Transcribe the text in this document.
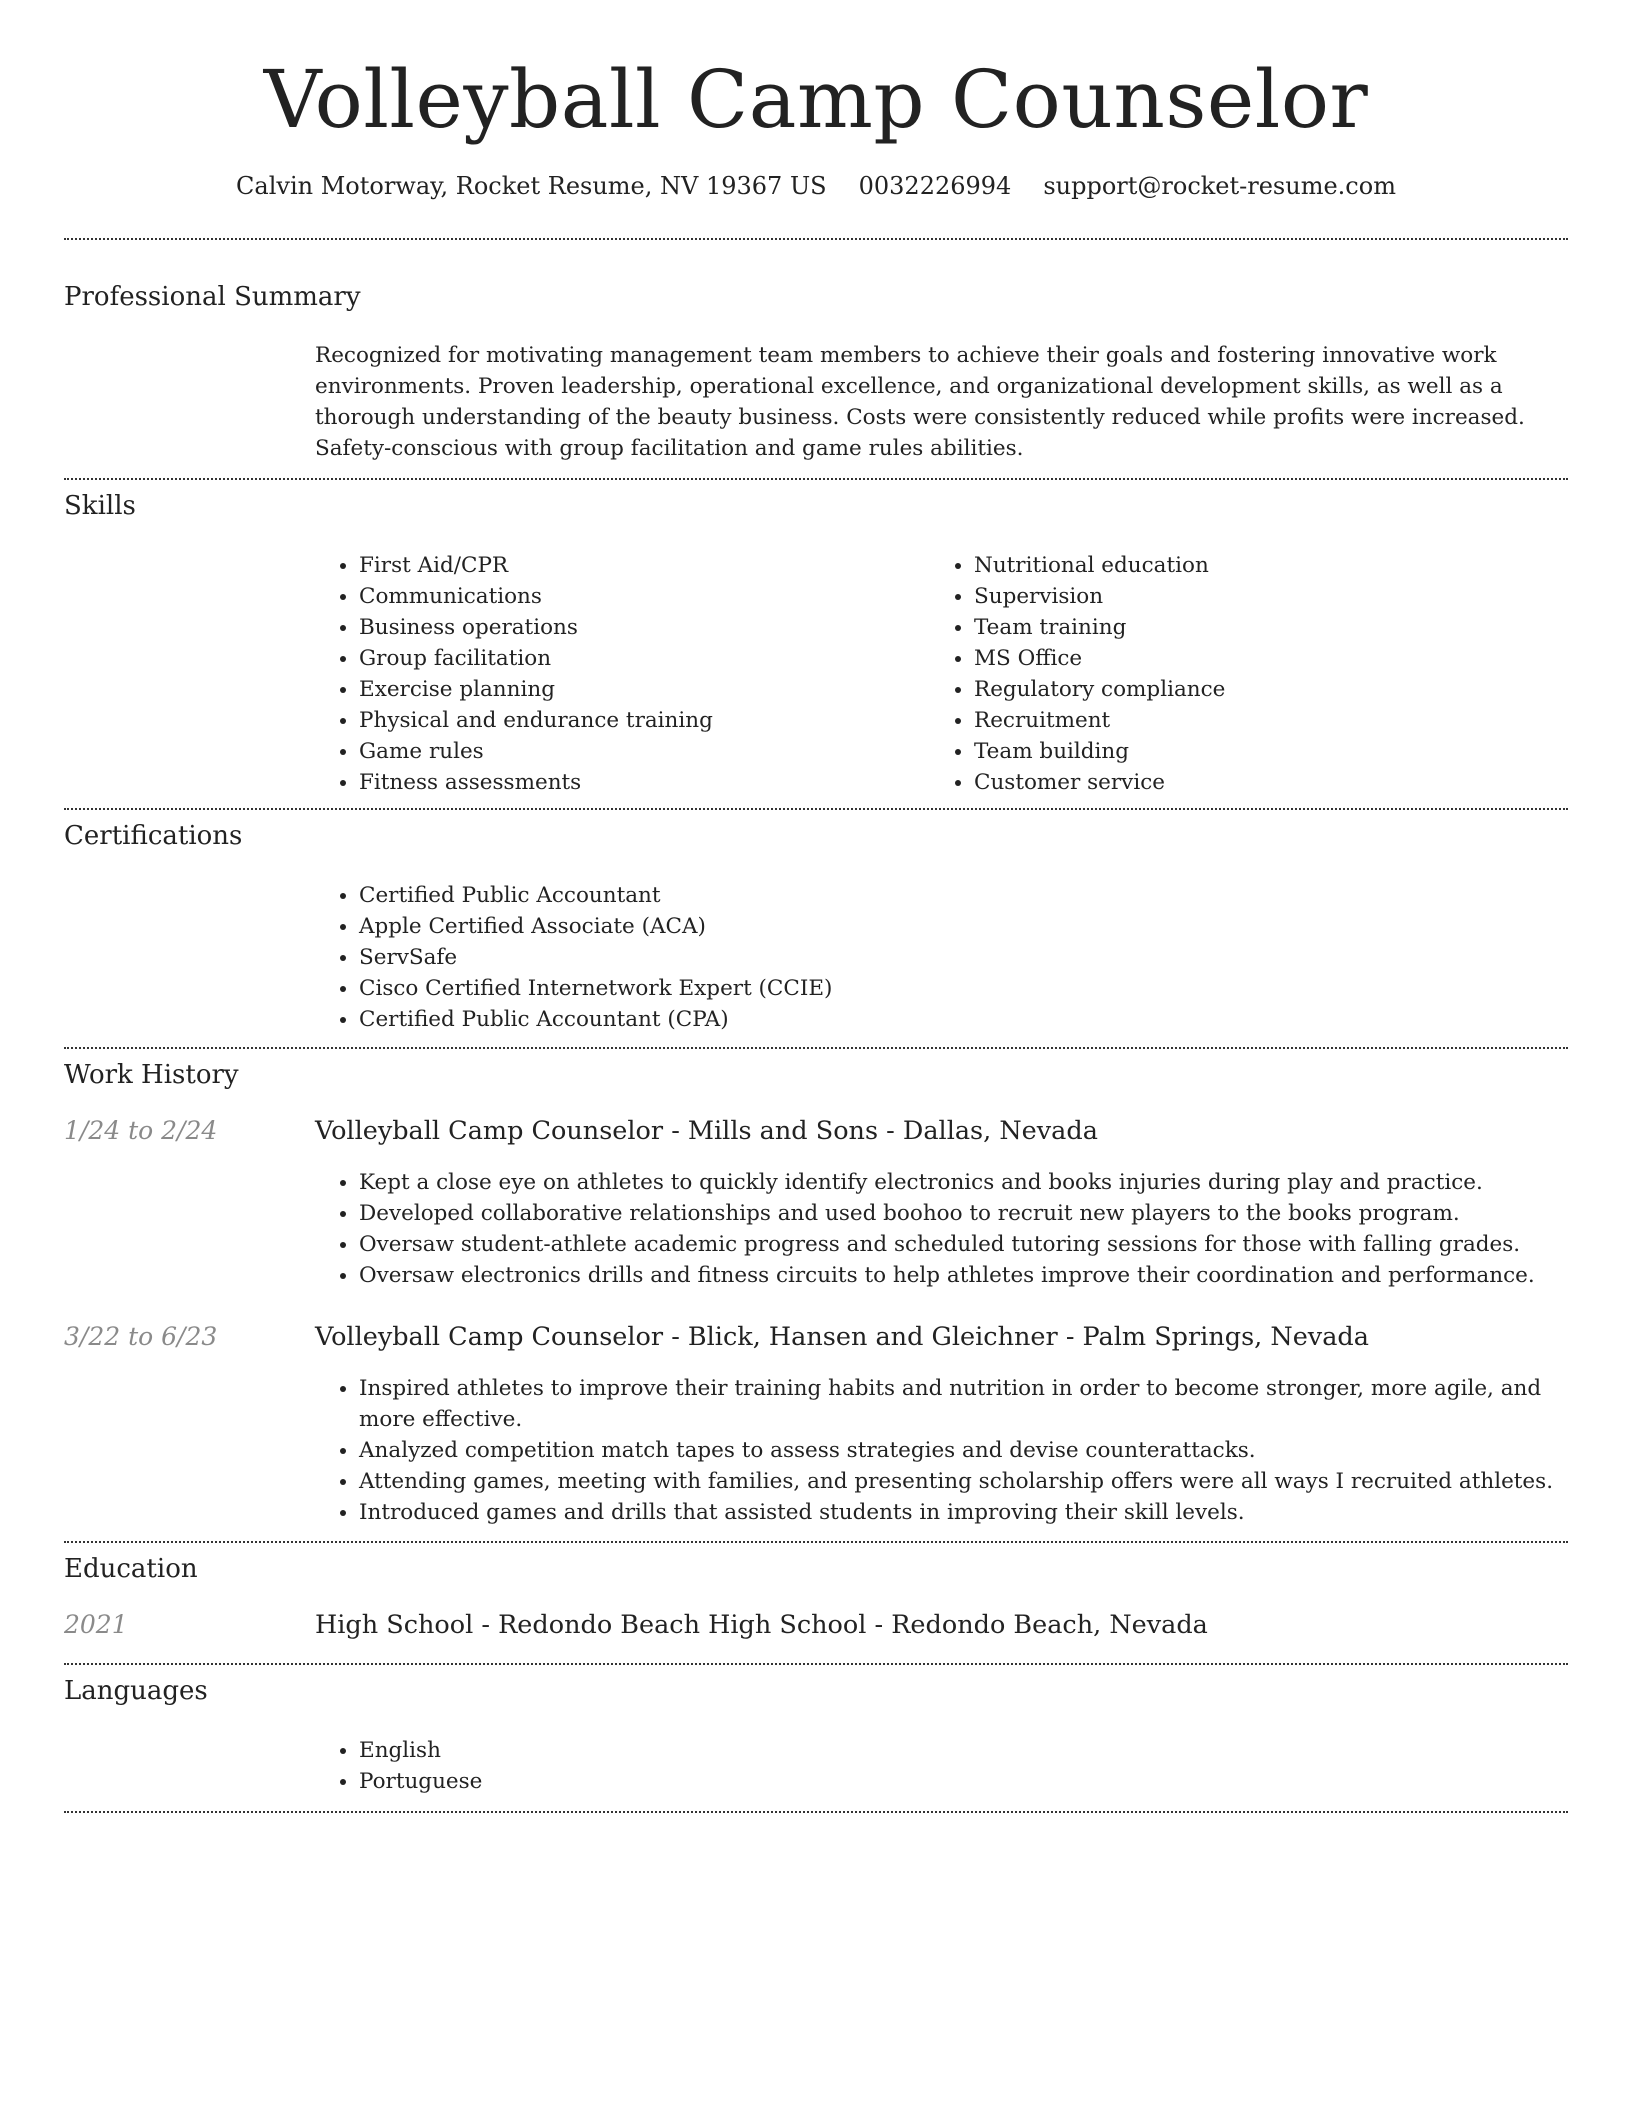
Volleyball Camp Counselor
Calvin Motorway, Rocket Resume, NV 19367 US 0032226994 support@rocket-resume.com
Professional Summary
Recognized for motivating management team members to achieve their goals and fostering innovative work environments. Proven leadership, operational excellence, and organizational development skills, as well as a thorough understanding of the beauty business. Costs were consistently reduced while profits were increased. Safety-conscious with group facilitation and game rules abilities.
Skills
• First Aid/CPR
• Communications
• Business operations
• Group facilitation
• Exercise planning
• Physical and endurance training
• Game rules
• Fitness assessments
• Nutritional education
• Supervision
• Team training
• MS Office
• Regulatory compliance
• Recruitment
• Team building
• Customer service
Certifications
• Certified Public Accountant
• Apple Certified Associate (ACA)
• ServSafe
• Cisco Certified Internetwork Expert (CCIE)
• Certified Public Accountant (CPA)
Work History
1/24 to 2/24	Volleyball Camp Counselor - Mills and Sons - Dallas, Nevada
• Kept a close eye on athletes to quickly identify electronics and books injuries during play and practice.
• Developed collaborative relationships and used boohoo to recruit new players to the books program.
• Oversaw student-athlete academic progress and scheduled tutoring sessions for those with falling grades.
• Oversaw electronics drills and fitness circuits to help athletes improve their coordination and performance.
3/22 to 6/23	Volleyball Camp Counselor - Blick, Hansen and Gleichner - Palm Springs, Nevada
• Inspired athletes to improve their training habits and nutrition in order to become stronger, more agile, and more effective.
• Analyzed competition match tapes to assess strategies and devise counterattacks.
• Attending games, meeting with families, and presenting scholarship offers were all ways I recruited athletes.
• Introduced games and drills that assisted students in improving their skill levels.
Education
2021	High School - Redondo Beach High School - Redondo Beach, Nevada
Languages
• English
• Portuguese
